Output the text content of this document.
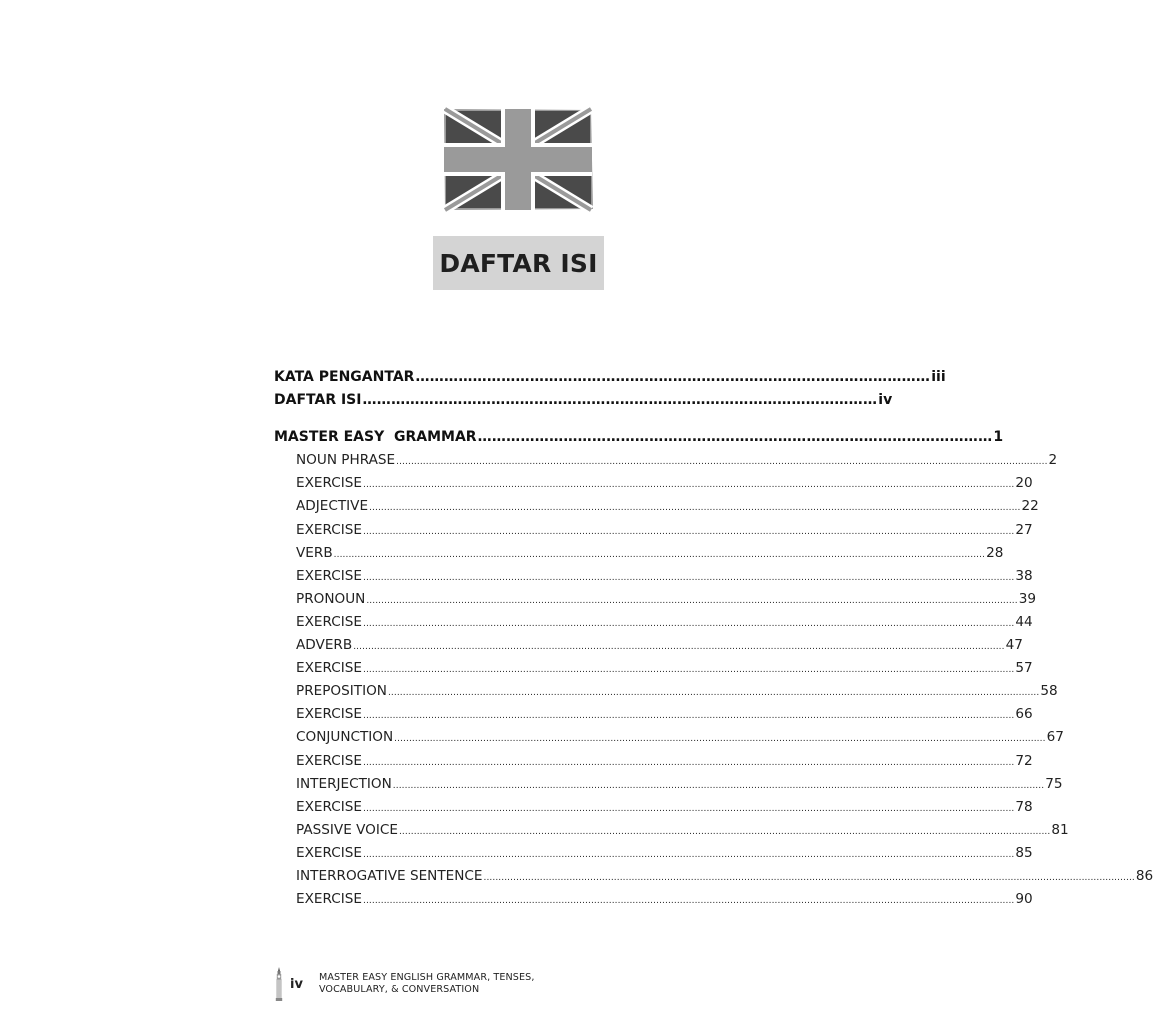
DAFTAR ISI
KATA PENGANTAR ……………………………………………………………………………………………… iii
DAFTAR ISI ……………………………………………………………………………………………… iv
MASTER EASY  GRAMMAR ……………………………………………………………………………………………… 1
NOUN PHRASE ............................................................................................................................................................................................................................ 2
EXERCISE ............................................................................................................................................................................................................................ 20
ADJECTIVE ............................................................................................................................................................................................................................ 22
EXERCISE ............................................................................................................................................................................................................................ 27
VERB ............................................................................................................................................................................................................................ 28
EXERCISE ............................................................................................................................................................................................................................ 38
PRONOUN ............................................................................................................................................................................................................................ 39
EXERCISE ............................................................................................................................................................................................................................ 44
ADVERB ............................................................................................................................................................................................................................ 47
EXERCISE ............................................................................................................................................................................................................................ 57
PREPOSITION ............................................................................................................................................................................................................................ 58
EXERCISE ............................................................................................................................................................................................................................ 66
CONJUNCTION ............................................................................................................................................................................................................................ 67
EXERCISE ............................................................................................................................................................................................................................ 72
INTERJECTION ............................................................................................................................................................................................................................ 75
EXERCISE ............................................................................................................................................................................................................................ 78
PASSIVE VOICE ............................................................................................................................................................................................................................ 81
EXERCISE ............................................................................................................................................................................................................................ 85
INTERROGATIVE SENTENCE ............................................................................................................................................................................................................................ 86
EXERCISE ............................................................................................................................................................................................................................ 90
iv MASTER EASY ENGLISH GRAMMAR, TENSES,
VOCABULARY, & CONVERSATION
